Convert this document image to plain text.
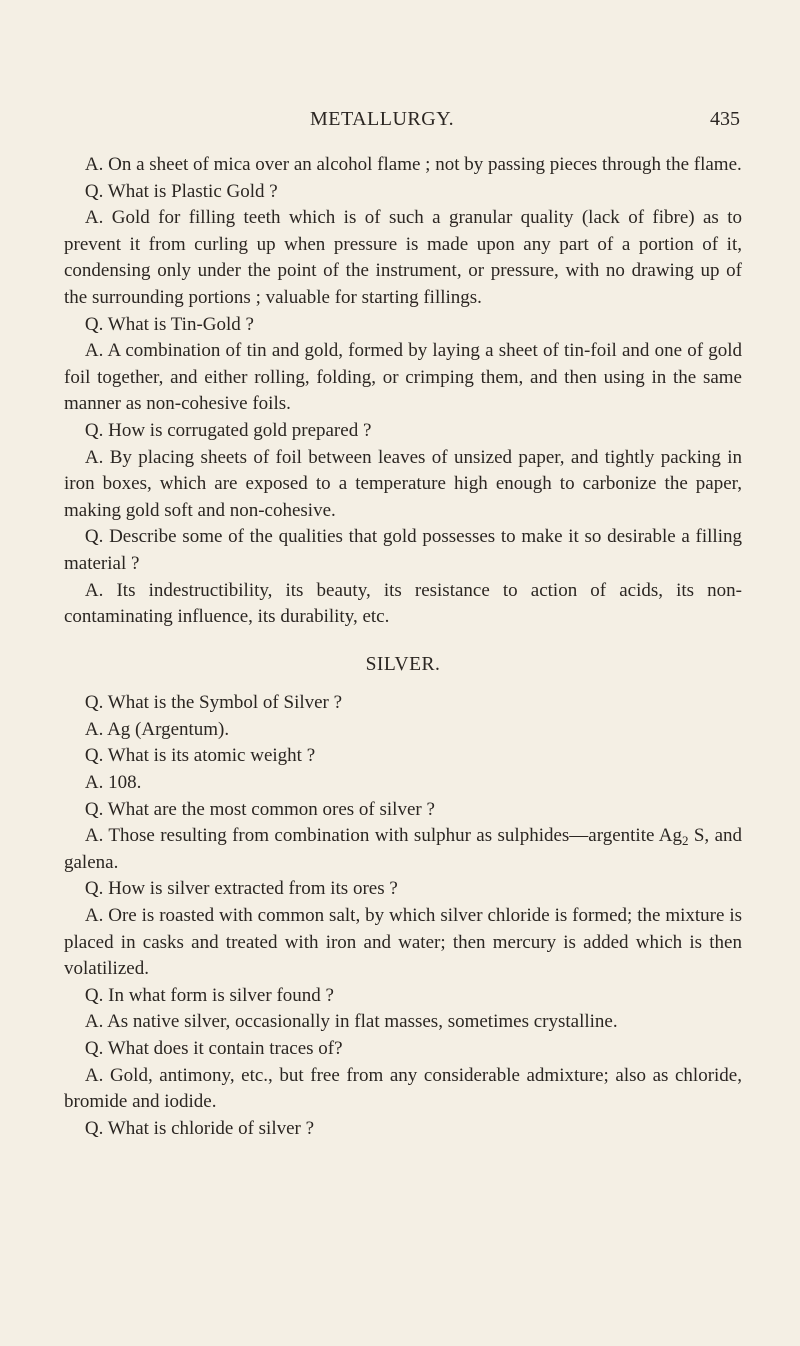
METALLURGY.	435

A. On a sheet of mica over an alcohol flame ; not by passing pieces through the flame.

Q. What is Plastic Gold ?

A. Gold for filling teeth which is of such a granular quality (lack of fibre) as to prevent it from curling up when pressure is made upon any part of a portion of it, condensing only under the point of the instrument, or pressure, with no drawing up of the surrounding portions ; valuable for starting fillings.

Q. What is Tin-Gold ?

A. A combination of tin and gold, formed by laying a sheet of tin-foil and one of gold foil together, and either rolling, folding, or crimping them, and then using in the same manner as non-cohesive foils.

Q. How is corrugated gold prepared ?

A. By placing sheets of foil between leaves of unsized paper, and tightly packing in iron boxes, which are exposed to a temperature high enough to carbonize the paper, making gold soft and non-cohesive.

Q. Describe some of the qualities that gold possesses to make it so desirable a filling material ?

A. Its indestructibility, its beauty, its resistance to action of acids, its non-contaminating influence, its durability, etc.

SILVER.

Q. What is the Symbol of Silver ?

A. Ag (Argentum).

Q. What is its atomic weight ?

A. 108.

Q. What are the most common ores of silver ?

A. Those resulting from combination with sulphur as sulphides—argentite $Ag_2$ S, and galena.

Q. How is silver extracted from its ores ?

A. Ore is roasted with common salt, by which silver chloride is formed; the mixture is placed in casks and treated with iron and water; then mercury is added which is then volatilized.

Q. In what form is silver found ?

A. As native silver, occasionally in flat masses, sometimes crystalline.

Q. What does it contain traces of?

A. Gold, antimony, etc., but free from any considerable admixture; also as chloride, bromide and iodide.

Q. What is chloride of silver ?
